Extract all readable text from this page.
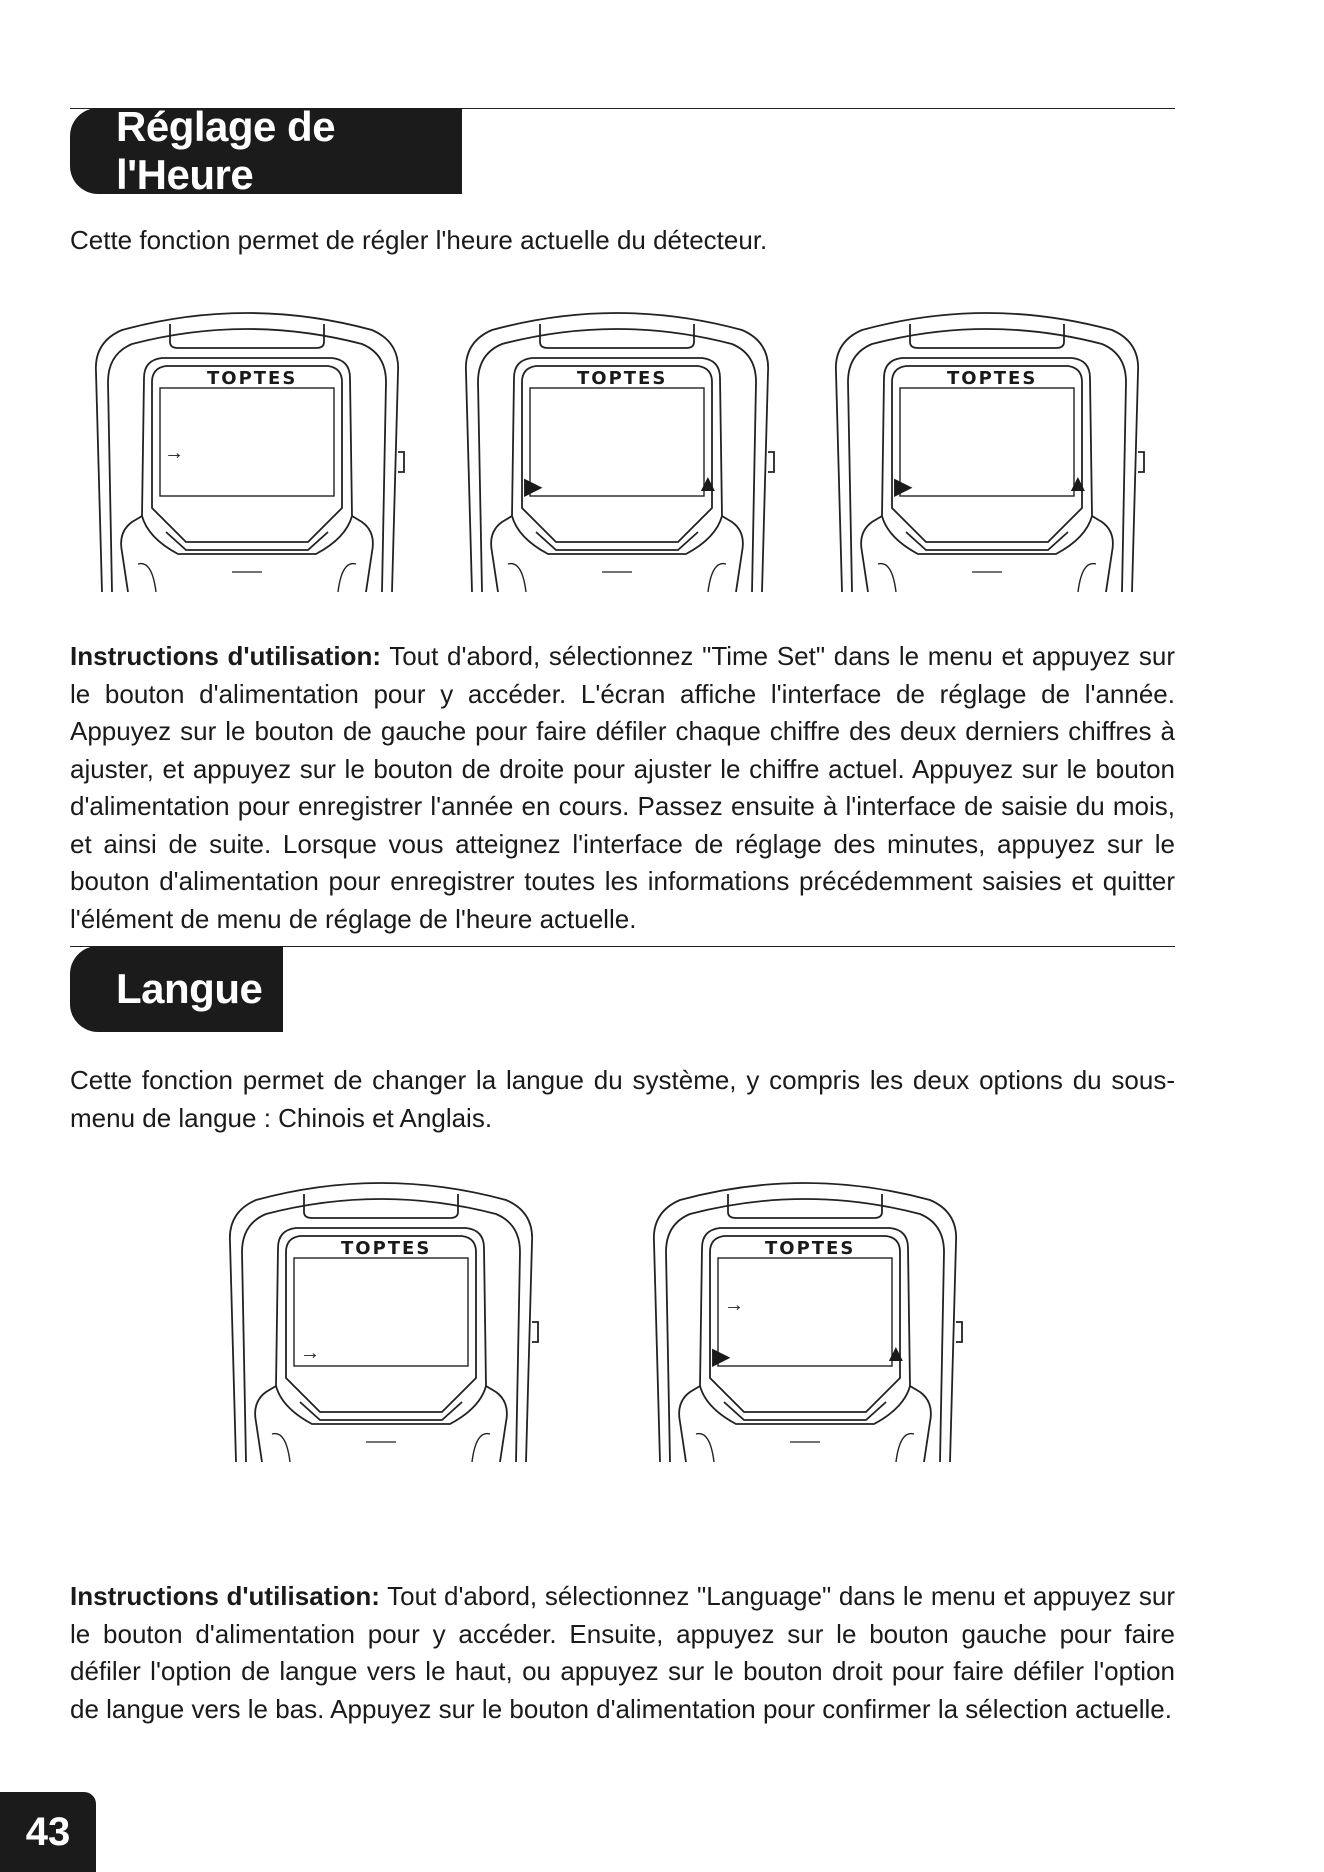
Réglage de l'Heure

Cette fonction permet de régler l'heure actuelle du détecteur.

TOPTES
→
TOPTES
▶	▲
TOPTES
▶	▲

Instructions d'utilisation: Tout d'abord, sélectionnez "Time Set" dans le menu et appuyez sur le bouton d'alimentation pour y accéder. L'écran affiche l'interface de réglage de l'année. Appuyez sur le bouton de gauche pour faire défiler chaque chiffre des deux derniers chiffres à ajuster, et appuyez sur le bouton de droite pour ajuster le chiffre actuel. Appuyez sur le bouton d'alimentation pour enregistrer l'année en cours. Passez ensuite à l'interface de saisie du mois, et ainsi de suite. Lorsque vous atteignez l'interface de réglage des minutes, appuyez sur le bouton d'alimentation pour enregistrer toutes les informations précédemment saisies et quitter l'élément de menu de réglage de l'heure actuelle.

Langue

Cette fonction permet de changer la langue du système, y compris les deux options du sous-menu de langue : Chinois et Anglais.

TOPTES
→
TOPTES
→
▶	▲

Instructions d'utilisation: Tout d'abord, sélectionnez "Language" dans le menu et appuyez sur le bouton d'alimentation pour y accéder. Ensuite, appuyez sur le bouton gauche pour faire défiler l'option de langue vers le haut, ou appuyez sur le bouton droit pour faire défiler l'option de langue vers le bas. Appuyez sur le bouton d'alimentation pour confirmer la sélection actuelle.

43
